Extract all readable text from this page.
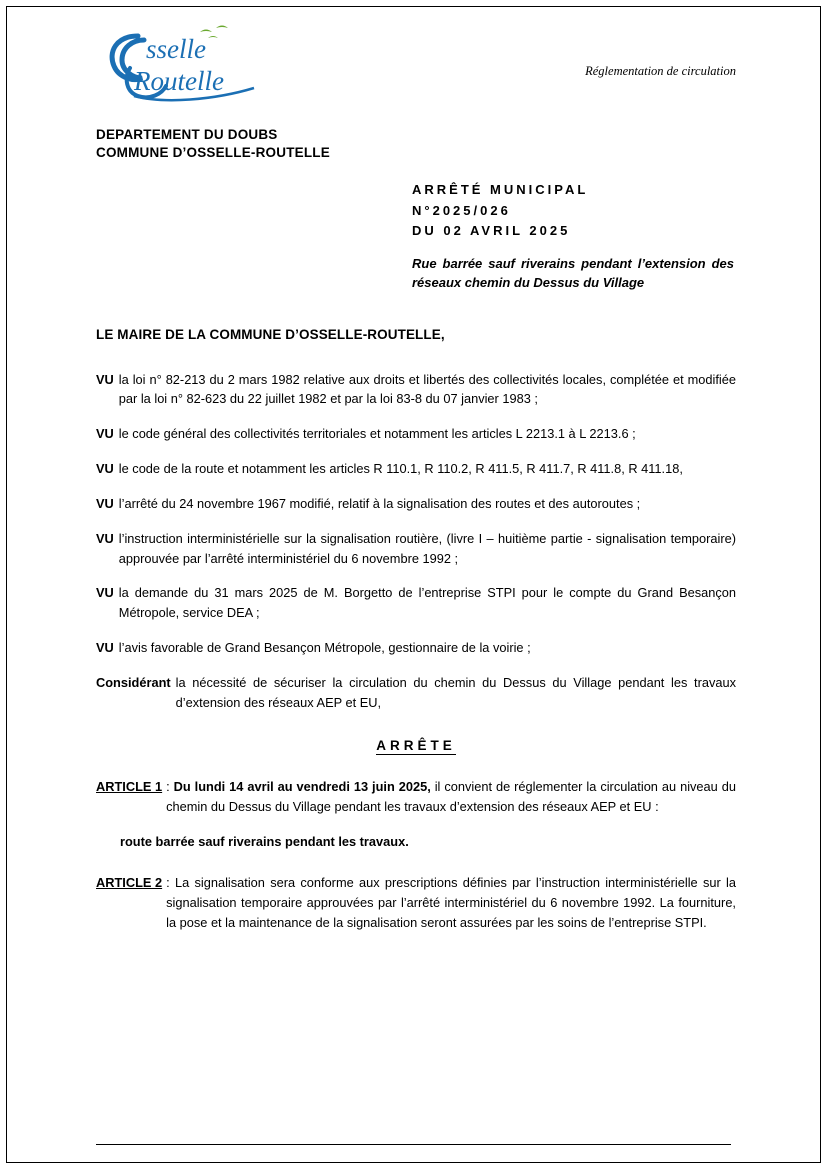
sselle
Routelle	Réglementation de circulation
DEPARTEMENT DU DOUBS
COMMUNE D’OSSELLE-ROUTELLE
ARRÊTÉ MUNICIPAL
N°2025/026
DU 02 AVRIL 2025
Rue barrée sauf riverains pendant l’extension des réseaux chemin du Dessus du Village
LE MAIRE DE LA COMMUNE D’OSSELLE-ROUTELLE,
VU la loi n° 82-213 du 2 mars 1982 relative aux droits et libertés des collectivités locales, complétée et modifiée par la loi n° 82-623 du 22 juillet 1982 et par la loi 83-8 du 07 janvier 1983 ;
VU le code général des collectivités territoriales et notamment les articles L 2213.1 à L 2213.6 ;
VU le code de la route et notamment les articles R 110.1, R 110.2, R 411.5, R 411.7, R 411.8, R 411.18,
VU l’arrêté du 24 novembre 1967 modifié, relatif à la signalisation des routes et des autoroutes ;
VU l’instruction interministérielle sur la signalisation routière, (livre I – huitième partie - signalisation temporaire) approuvée par l’arrêté interministériel du 6 novembre 1992 ;
VU la demande du 31 mars 2025 de M. Borgetto de l’entreprise STPI pour le compte du Grand Besançon Métropole, service DEA ;
VU l’avis favorable de Grand Besançon Métropole, gestionnaire de la voirie ;
Considérant la nécessité de sécuriser la circulation du chemin du Dessus du Village pendant les travaux d’extension des réseaux AEP et EU,
ARRÊTE
ARTICLE 1 : Du lundi 14 avril au vendredi 13 juin 2025, il convient de réglementer la circulation au niveau du chemin du Dessus du Village pendant les travaux d’extension des réseaux AEP et EU :
route barrée sauf riverains pendant les travaux.
ARTICLE 2 : La signalisation sera conforme aux prescriptions définies par l’instruction interministérielle sur la signalisation temporaire approuvées par l’arrêté interministériel du 6 novembre 1992. La fourniture, la pose et la maintenance de la signalisation seront assurées par les soins de l’entreprise STPI.
